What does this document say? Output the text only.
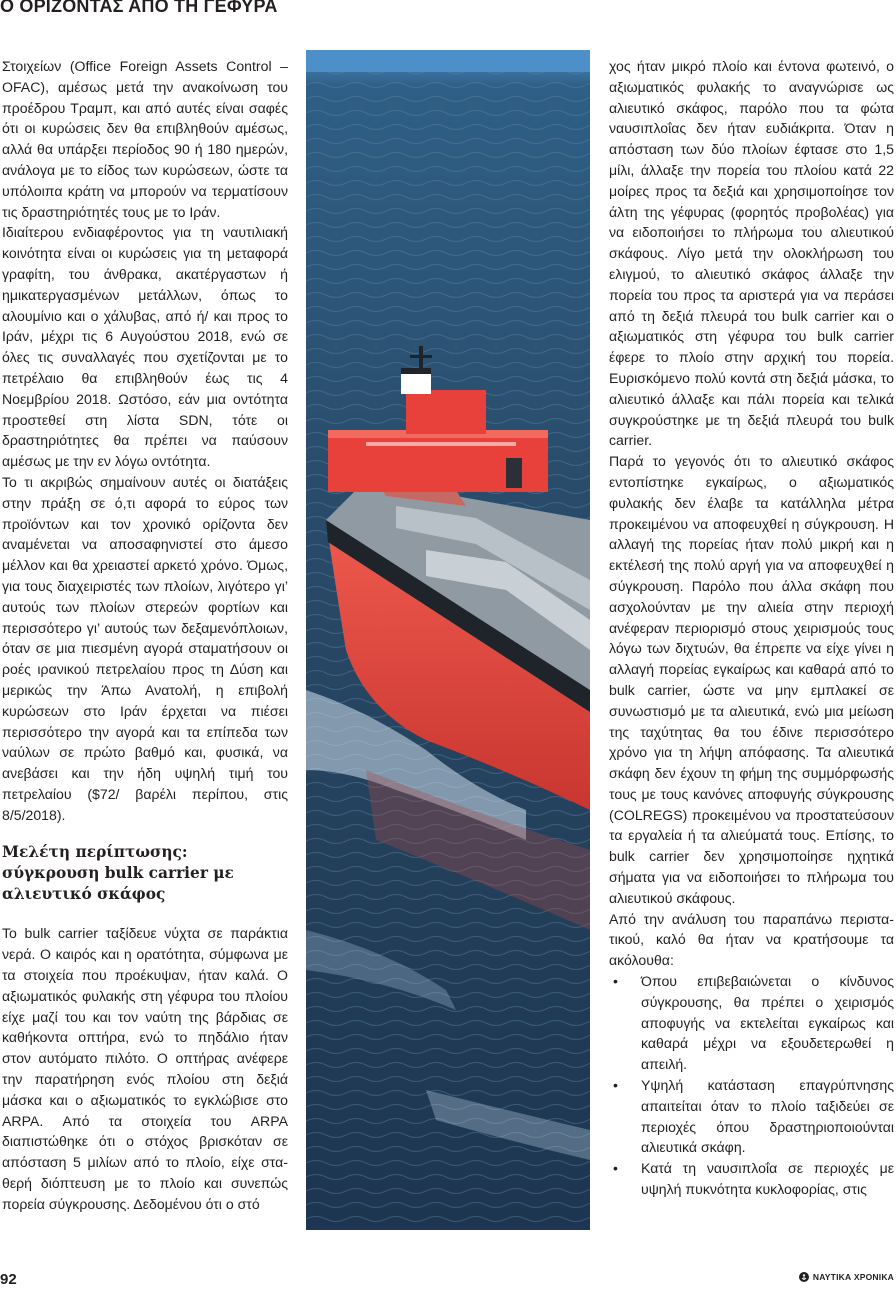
Ο ΟΡΙΖΟΝΤΑΣ ΑΠΟ ΤΗ ΓΕΦΥΡΑ

Στοιχείων (Office Foreign Assets Control – OFAC), αμέσως μετά την ανακοίνωση του προέδρου Τραμπ, και από αυτές είναι σαφές ότι οι κυρώσεις δεν θα επιβληθούν αμέσως, αλλά θα υπάρξει περίοδος 90 ή 180 ημερών, ανάλογα με το είδος των κυρώσεων, ώστε τα υπόλοιπα κράτη να μπορούν να τερματίσουν τις δραστηριότητές τους με το Ιράν.

Ιδιαίτερου ενδιαφέροντος για τη ναυτιλιακή κοινότητα είναι οι κυρώσεις για τη μεταφορά γραφίτη, του άνθρακα, ακατέργαστων ή ημικατεργασμένων μετάλλων, όπως το αλουμίνιο και ο χάλυβας, από ή/ και προς το Ιράν, μέχρι τις 6 Αυγούστου 2018, ενώ σε όλες τις συναλλαγές που σχετίζονται με το πετρέλαιο θα επιβληθούν έως τις 4 Νοεμβρίου 2018. Ωστόσο, εάν μια οντότητα προστεθεί στη λίστα SDN, τότε οι δραστηριότητες θα πρέπει να παύσουν αμέσως με την εν λόγω οντότητα.

Το τι ακριβώς σημαίνουν αυτές οι διατάξεις στην πράξη σε ό,τι αφορά το εύρος των προϊόντων και τον χρονικό ορίζοντα δεν αναμένεται να αποσαφηνιστεί στο άμεσο μέλλον και θα χρειαστεί αρκετό χρόνο. Όμως, για τους διαχειριστές των πλοίων, λιγότερο γι’ αυτούς των πλοίων στερεών φορτίων και περισσότερο γι’ αυτούς των δεξαμενόπλοιων, όταν σε μια πιεσμένη αγορά σταματήσουν οι ροές ιρανικού πετρελαίου προς τη Δύση και μερικώς την Άπω Ανατολή, η επιβολή κυρώσεων στο Ιράν έρχεται να πιέσει περισσότερο την αγορά και τα επίπεδα των ναύλων σε πρώτο βαθμό και, φυσικά, να ανεβάσει και την ήδη υψηλή τιμή του πετρελαίου ($72/ βαρέλι περίπου, στις 8/5/2018).

Μελέτη περίπτωσης: σύγκρουση bulk carrier με αλιευτικό σκάφος

Το bulk carrier ταξίδευε νύχτα σε παράκτια νερά. Ο καιρός και η ορατότητα, σύμφωνα με τα στοιχεία που προέκυψαν, ήταν καλά. Ο αξιωματικός φυλακής στη γέφυρα του πλοίου είχε μαζί του και τον ναύτη της βάρδιας σε καθήκοντα οπτήρα, ενώ το πηδάλιο ήταν στον αυτόματο πιλότο. Ο οπτήρας ανέφερε την παρατήρηση ενός πλοίου στη δεξιά μάσκα και ο αξιωματικός το εγκλώβισε στο ARPA. Από τα στοιχεία του ARPA διαπιστώθηκε ότι ο στόχος βρισκόταν σε απόσταση 5 μιλίων από το πλοίο, είχε σταθερή διόπτευση με το πλοίο και συνεπώς πορεία σύγκρουσης. Δεδομένου ότι ο στό

χος ήταν μικρό πλοίο και έντονα φωτεινό, ο αξιωματικός φυλακής το αναγνώρισε ως αλιευτικό σκάφος, παρόλο που τα φώτα ναυσιπλοΐας δεν ήταν ευδιάκριτα. Όταν η απόσταση των δύο πλοίων έφτασε στο 1,5 μίλι, άλλαξε την πορεία του πλοίου κατά 22 μοίρες προς τα δεξιά και χρησιμοποίησε τον άλτη της γέφυρας (φορητός προβολέας) για να ειδοποιήσει το πλήρωμα του αλιευτικού σκάφους. Λίγο μετά την ολοκλήρωση του ελιγμού, το αλιευτικό σκάφος άλλαξε την πορεία του προς τα αριστερά για να περάσει από τη δεξιά πλευρά του bulk carrier και ο αξιωματικός στη γέφυρα του bulk carrier έφερε το πλοίο στην αρχική του πορεία. Ευρισκόμενο πολύ κοντά στη δεξιά μάσκα, το αλιευτικό άλλαξε και πάλι πορεία και τελικά συγκρούστηκε με τη δεξιά πλευρά του bulk carrier.

Παρά το γεγονός ότι το αλιευτικό σκάφος εντοπίστηκε εγκαίρως, ο αξιωματικός φυλακής δεν έλαβε τα κατάλληλα μέτρα προκειμένου να αποφευχθεί η σύγκρουση. Η αλλαγή της πορείας ήταν πολύ μικρή και η εκτέλεσή της πολύ αργή για να αποφευχθεί η σύγκρουση. Παρόλο που άλλα σκάφη που ασχολούνταν με την αλιεία στην περιοχή ανέφεραν περιορισμό στους χειρισμούς τους λόγω των διχτυών, θα έπρεπε να είχε γίνει η αλλαγή πορείας εγκαίρως και καθαρά από το bulk carrier, ώστε να μην εμπλακεί σε συνωστισμό με τα αλιευτικά, ενώ μια μείωση της ταχύτητας θα του έδινε περισσότερο χρόνο για τη λήψη απόφασης. Τα αλιευτικά σκάφη δεν έχουν τη φήμη της συμμόρφωσής τους με τους κανόνες αποφυγής σύγκρουσης (COLREGS) προκειμένου να προστατεύσουν τα εργαλεία ή τα αλιεύματά τους. Επίσης, το bulk carrier δεν χρησιμοποίησε ηχητικά σήματα για να ειδοποιήσει το πλήρωμα του αλιευτικού σκάφους.

Από την ανάλυση του παραπάνω περιστατικού, καλό θα ήταν να κρατήσουμε τα ακόλουθα:

• Όπου επιβεβαιώνεται ο κίνδυνος σύγκρουσης, θα πρέπει ο χειρισμός αποφυγής να εκτελείται εγκαίρως και καθαρά μέχρι να εξουδετερωθεί η απειλή.
• Υψηλή κατάσταση επαγρύπνησης απαιτείται όταν το πλοίο ταξιδεύει σε περιοχές όπου δραστηριοποιούνται αλιευτικά σκάφη.
• Κατά τη ναυσιπλοΐα σε περιοχές με υψηλή πυκνότητα κυκλοφορίας, στις
92	ΝΑΥΤΙΚΑ ΧΡΟΝΙΚΑ
